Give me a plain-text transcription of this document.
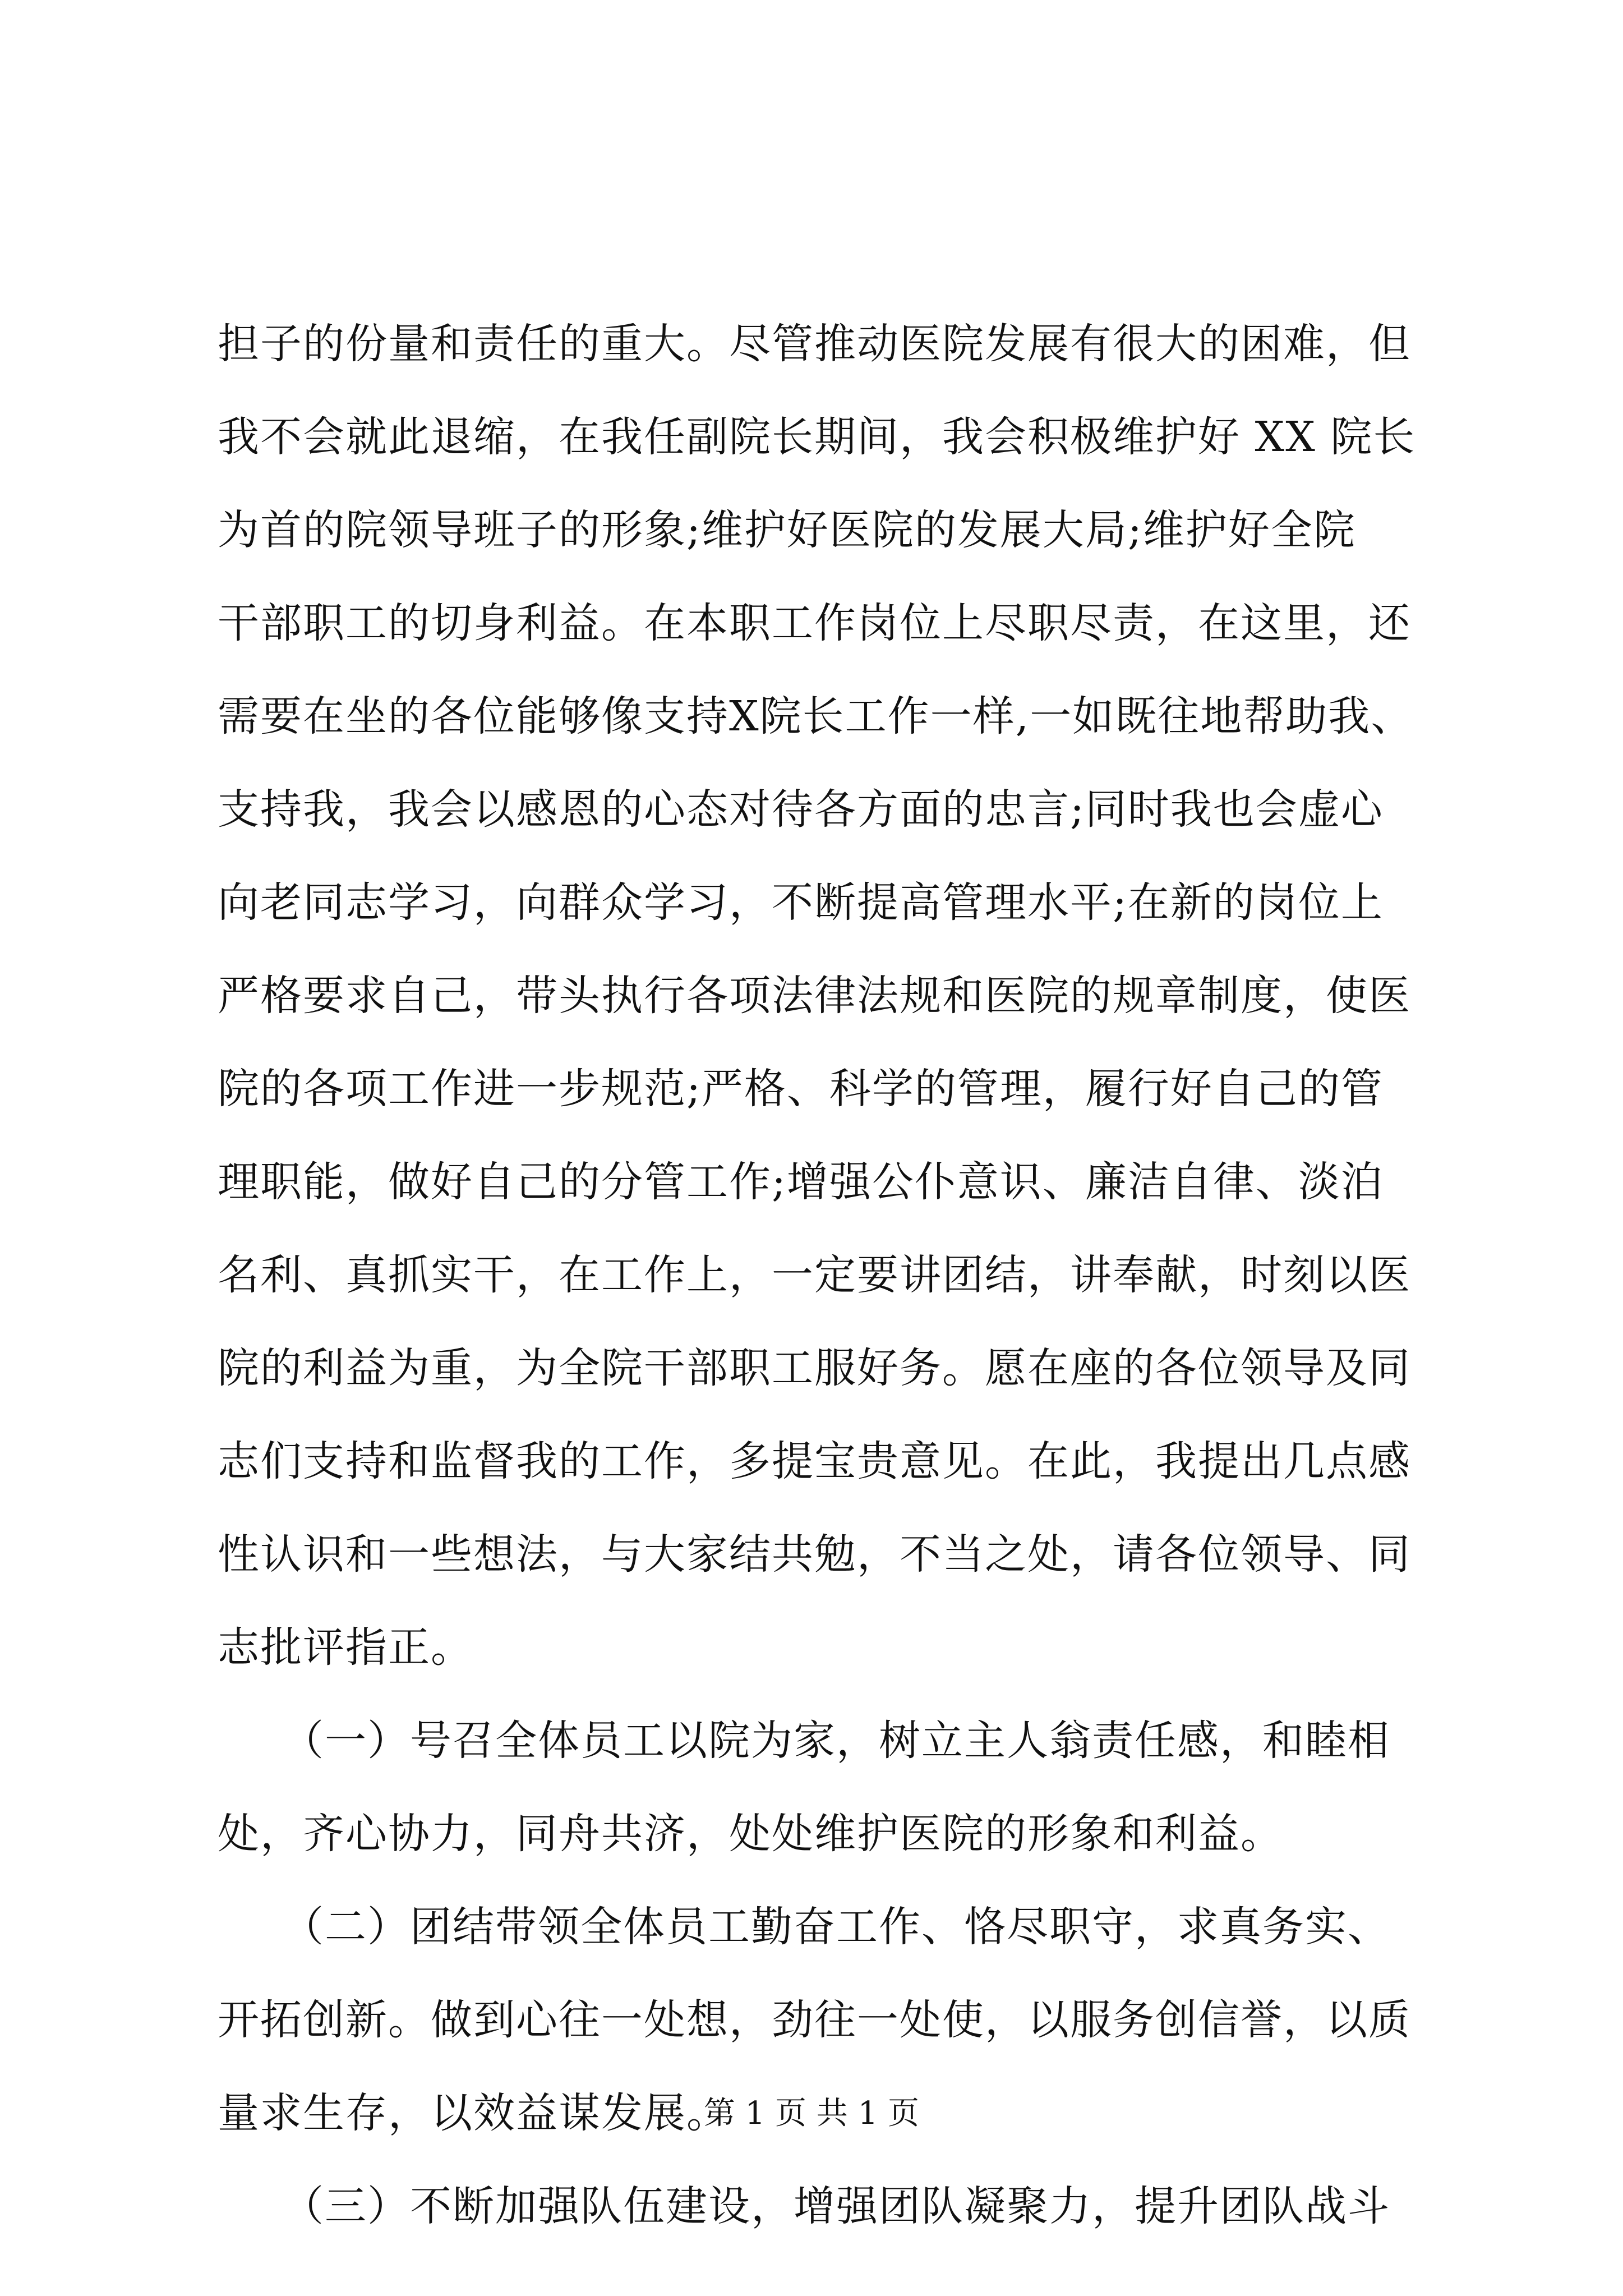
担子的份量和责任的重大。尽管推动医院发展有很大的困难，但
我不会就此退缩，在我任副院长期间，我会积极维护好 XX 院长
为首的院领导班子的形象;维护好医院的发展大局;维护好全院
干部职工的切身利益。在本职工作岗位上尽职尽责，在这里，还
需要在坐的各位能够像支持X院长工作一样,一如既往地帮助我、
支持我，我会以感恩的心态对待各方面的忠言;同时我也会虚心
向老同志学习，向群众学习，不断提高管理水平;在新的岗位上
严格要求自己，带头执行各项法律法规和医院的规章制度，使医
院的各项工作进一步规范;严格、科学的管理，履行好自己的管
理职能，做好自己的分管工作;增强公仆意识、廉洁自律、淡泊
名利、真抓实干，在工作上，一定要讲团结，讲奉献，时刻以医
院的利益为重，为全院干部职工服好务。愿在座的各位领导及同
志们支持和监督我的工作，多提宝贵意见。在此，我提出几点感
性认识和一些想法，与大家结共勉，不当之处，请各位领导、同
志批评指正。
　　（一）号召全体员工以院为家，树立主人翁责任感，和睦相
处，齐心协力，同舟共济，处处维护医院的形象和利益。
　　（二）团结带领全体员工勤奋工作、恪尽职守，求真务实、
开拓创新。做到心往一处想，劲往一处使，以服务创信誉，以质
量求生存，以效益谋发展。
　　（三）不断加强队伍建设，增强团队凝聚力，提升团队战斗
第 1 页 共 1 页
